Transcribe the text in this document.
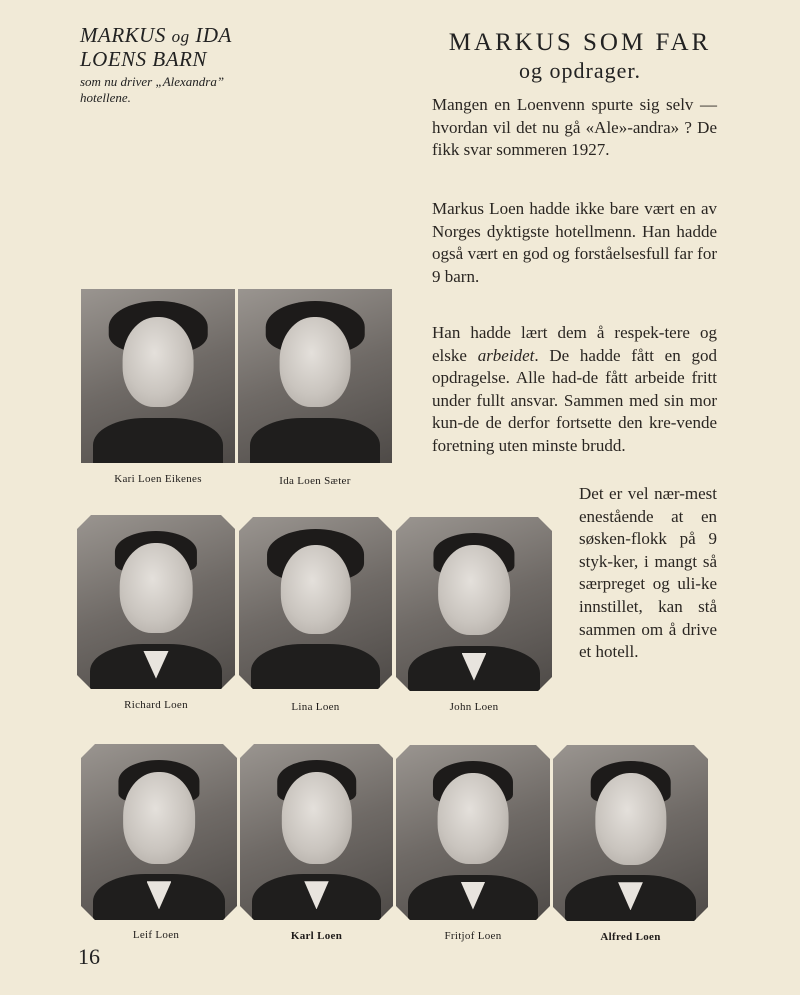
MARKUS og IDA
LOENS BARN
som nu driver „Alexandra”
hotellene.
MARKUS SOM FAR
og opdrager.
Mangen en Loenvenn spurte sig selv — hvordan vil det nu gå «Ale»-andra» ? De fikk svar sommeren 1927.
Markus Loen hadde ikke bare vært en av Norges dyktigste hotellmenn. Han hadde også vært en god og forståelsesfull far for 9 barn.
Han hadde lært dem å respek-tere og elske arbeidet. De hadde fått en god opdragelse. Alle had-de fått arbeide fritt under fullt ansvar. Sammen med sin mor kun-de de derfor fortsette den kre-vende foretning uten minste brudd.
Det er vel nær-mest enestående at en søsken-flokk på 9 styk-ker, i mangt så særpreget og uli-ke innstillet, kan stå sammen om å drive et hotell.
Kari Loen Eikenes	Ida Loen Sæter
Richard Loen	Lina Loen	John Loen
Leif Loen	Karl Loen	Fritjof Loen	Alfred Loen
16
